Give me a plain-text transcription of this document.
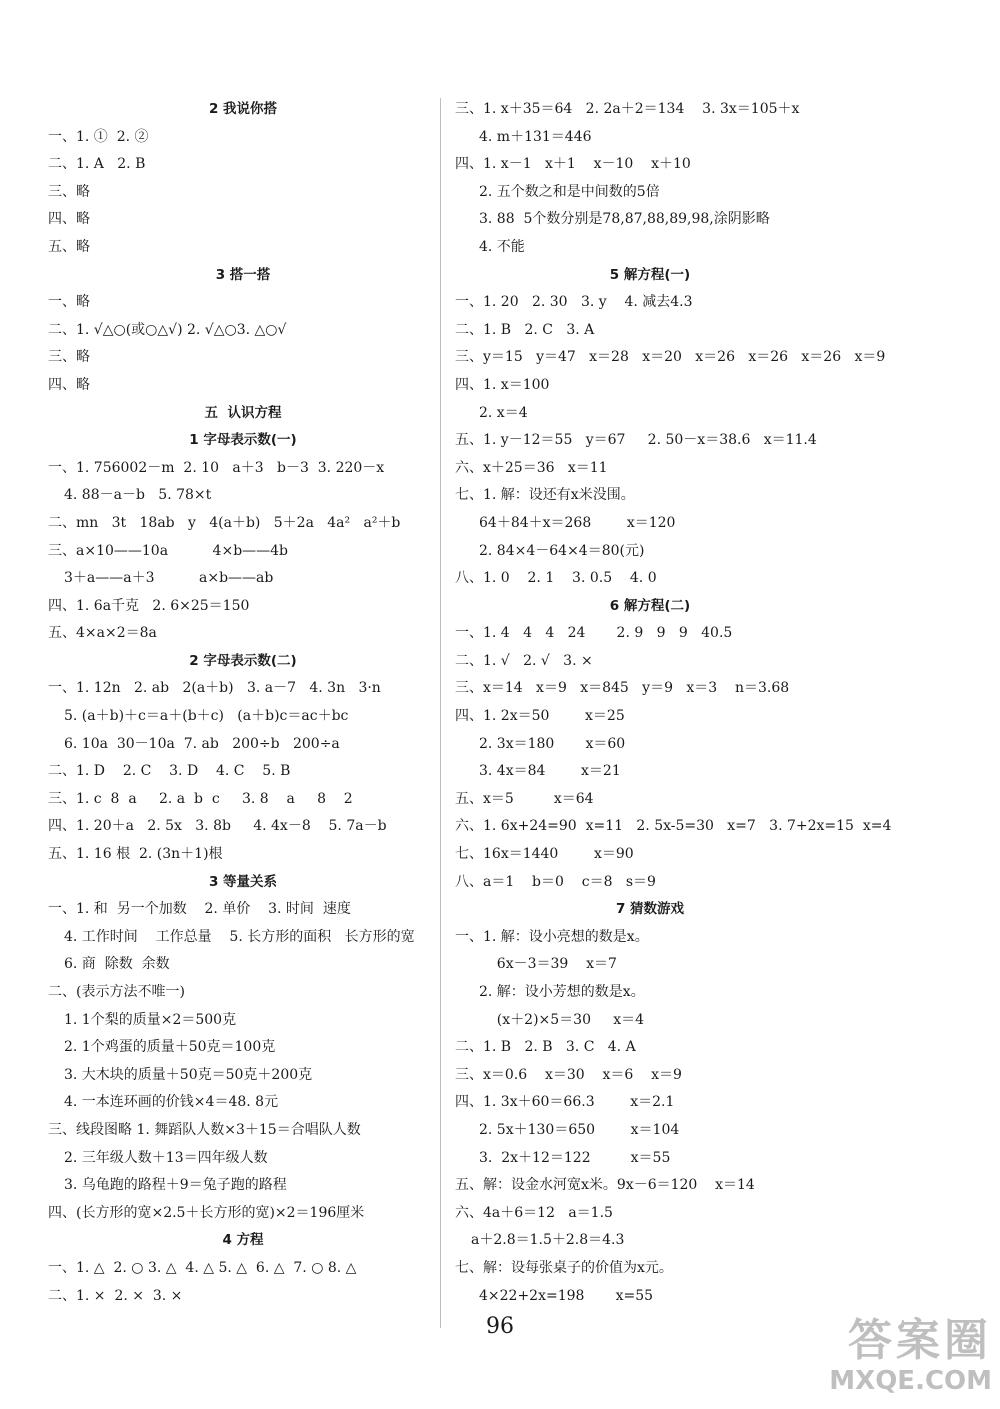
2 我说你搭
一、1. ①  2. ②
二、1. A   2. B
三、略
四、略
五、略
3 搭一搭
一、略
二、1. √△○(或○△√) 2. √△○3. △○√
三、略
四、略
五  认识方程
1 字母表示数(一)
一、1. 756002－m  2. 10   a＋3   b－3  3. 220－x
4. 88－a－b   5. 78×t
二、mn   3t   18ab   y   4(a＋b)   5＋2a   4a²   a²＋b
三、a×10——10a          4×b——4b
3＋a——a＋3          a×b——ab
四、1. 6a千克   2. 6×25＝150
五、4×a×2＝8a
2 字母表示数(二)
一、1. 12n   2. ab   2(a＋b)   3. a－7   4. 3n   3·n
5. (a＋b)＋c＝a＋(b＋c)   (a＋b)c＝ac＋bc
6. 10a  30－10a  7. ab   200÷b   200÷a
二、1. D    2. C    3. D    4. C    5. B
三、1. c  8  a     2. a  b  c     3. 8    a     8    2
四、1. 20＋a   2. 5x   3. 8b     4. 4x－8    5. 7a－b
五、1. 16 根  2. (3n＋1)根
3 等量关系
一、1. 和  另一个加数    2. 单价    3. 时间  速度
4. 工作时间    工作总量    5. 长方形的面积   长方形的宽
6. 商  除数  余数
二、(表示方法不唯一)
1. 1个梨的质量×2＝500克
2. 1个鸡蛋的质量＋50克＝100克
3. 大木块的质量＋50克＝50克＋200克
4. 一本连环画的价钱×4＝48. 8元
三、线段图略 1. 舞蹈队人数×3＋15＝合唱队人数
2. 三年级人数＋13＝四年级人数
3. 乌龟跑的路程＋9＝兔子跑的路程
四、(长方形的宽×2.5＋长方形的宽)×2＝196厘米
4 方程
一、1. △  2. ○ 3. △  4. △ 5. △  6. △  7. ○ 8. △
二、1. ×  2. ×  3. ×
三、1. x＋35＝64   2. 2a＋2＝134    3. 3x＝105＋x
4. m＋131＝446
四、1. x－1   x＋1    x－10    x＋10
2. 五个数之和是中间数的5倍
3. 88  5个数分别是78,87,88,89,98,涂阴影略
4. 不能
5 解方程(一)
一、1. 20   2. 30   3. y    4. 减去4.3
二、1. B   2. C   3. A
三、y＝15   y＝47   x＝28   x＝20   x＝26   x＝26   x＝26   x＝9
四、1. x＝100
2. x＝4
五、1. y－12＝55   y＝67     2. 50－x＝38.6   x＝11.4
六、x＋25＝36   x＝11
七、1. 解：设还有x米没围。
64＋84＋x＝268        x＝120
2. 84×4－64×4＝80(元)
八、1. 0    2. 1    3. 0.5    4. 0
6 解方程(二)
一、1. 4   4   4   24       2. 9   9   9   40.5
二、1. √   2. √   3. ×
三、x＝14   x＝9   x＝845   y＝9   x＝3    n＝3.68
四、1. 2x＝50        x＝25
2. 3x＝180       x＝60
3. 4x＝84        x＝21
五、x＝5         x＝64
六、1. 6x+24=90  x=11   2. 5x-5=30   x=7   3. 7+2x=15  x=4
七、16x＝1440        x＝90
八、a＝1    b＝0    c＝8   s＝9
7 猜数游戏
一、1. 解：设小亮想的数是x。
6x－3＝39    x＝7
2. 解：设小芳想的数是x。
(x＋2)×5＝30     x＝4
二、1. B   2. B   3. C   4. A
三、x＝0.6    x＝30    x＝6    x＝9
四、1. 3x＋60＝66.3        x＝2.1
2. 5x＋130＝650        x＝104
3.  2x＋12＝122         x＝55
五、解：设金水河宽x米。9x－6＝120    x＝14
六、4a＋6＝12   a＝1.5
a＋2.8＝1.5＋2.8＝4.3
七、解：设每张桌子的价值为x元。
4×22+2x=198       x=55
96	答案圈
MXQE.COM
